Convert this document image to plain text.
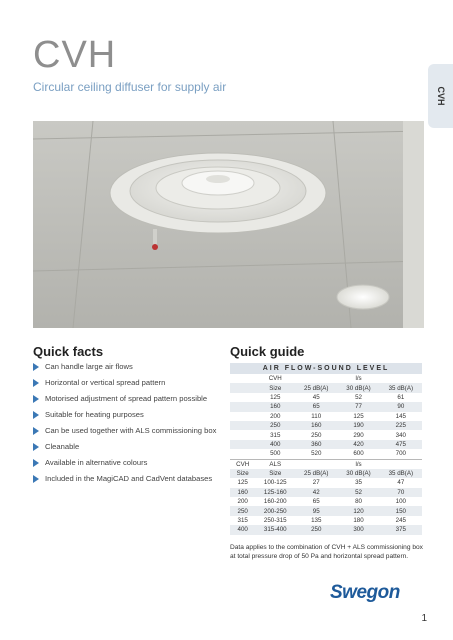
CVH
Circular ceiling diffuser for supply air	CVH
Quick facts
Can handle large air flows
Horizontal or vertical spread pattern
Motorised adjustment of spread pattern possible
Suitable for heating purposes
Can be used together with ALS commissioning box
Cleanable
Available in alternative colours
Included in the MagiCAD and CadVent databases
Quick guide
AIR FLOW-SOUND LEVEL				
	CVH	l/s		
	Size	25 dB(A)	30 dB(A)	35 dB(A)
	125	45	52	61
	160	65	77	90
	200	110	125	145
	250	160	190	225
	315	250	290	340
	400	360	420	475
	500	520	600	700
CVH	ALS	l/s		
Size	Size	25 dB(A)	30 dB(A)	35 dB(A)
125	100-125	27	35	47
160	125-160	42	52	70
200	160-200	65	80	100
250	200-250	95	120	150
315	250-315	135	180	245
400	315-400	250	300	375
Data applies to the combination of CVH + ALS commissioning box at total pressure drop of 50 Pa and horizontal spread pattern.
Swegon
1
